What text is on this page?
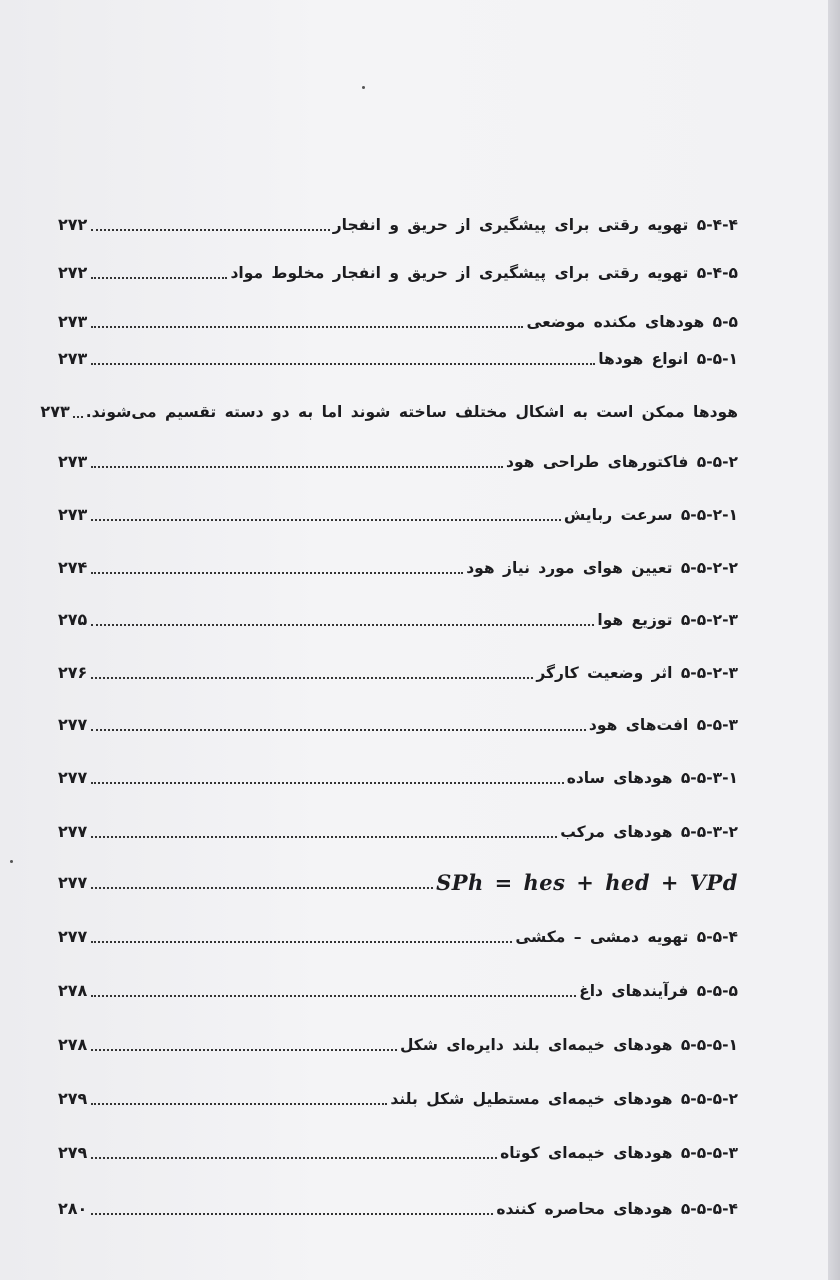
۵-۴-۴ تهویه رقتی برای پیشگیری از حریق و انفجار
۲۷۲
۵-۴-۵ تهویه رقتی برای پیشگیری از حریق و انفجار مخلوط مواد
۲۷۲
۵-۵ هودهای مکنده موضعی
۲۷۳
۵-۵-۱ انواع هودها
۲۷۳
هودها ممکن است به اشکال مختلف ساخته شوند اما به دو دسته تقسیم می‌شوند.
۲۷۳
۵-۵-۲ فاکتورهای طراحی هود
۲۷۳
۵-۵-۲-۱ سرعت ربایش
۲۷۳
۵-۵-۲-۲ تعیین هوای مورد نیاز هود
۲۷۴
۵-۵-۲-۳ توزیع هوا
۲۷۵
۵-۵-۲-۳ اثر وضعیت کارگر
۲۷۶
۵-۵-۳ افت‌های هود
۲۷۷
۵-۵-۳-۱ هودهای ساده
۲۷۷
۵-۵-۳-۲ هودهای مرکب
۲۷۷
SPh = hes + hed + VPd
۲۷۷
۵-۵-۴ تهویه دمشی – مکشی
۲۷۷
۵-۵-۵ فرآیندهای داغ
۲۷۸
۵-۵-۵-۱ هودهای خیمه‌ای بلند دایره‌ای شکل
۲۷۸
۵-۵-۵-۲ هودهای خیمه‌ای مستطیل شکل بلند
۲۷۹
۵-۵-۵-۳ هودهای خیمه‌ای کوتاه
۲۷۹
۵-۵-۵-۴ هودهای محاصره کننده
۲۸۰
